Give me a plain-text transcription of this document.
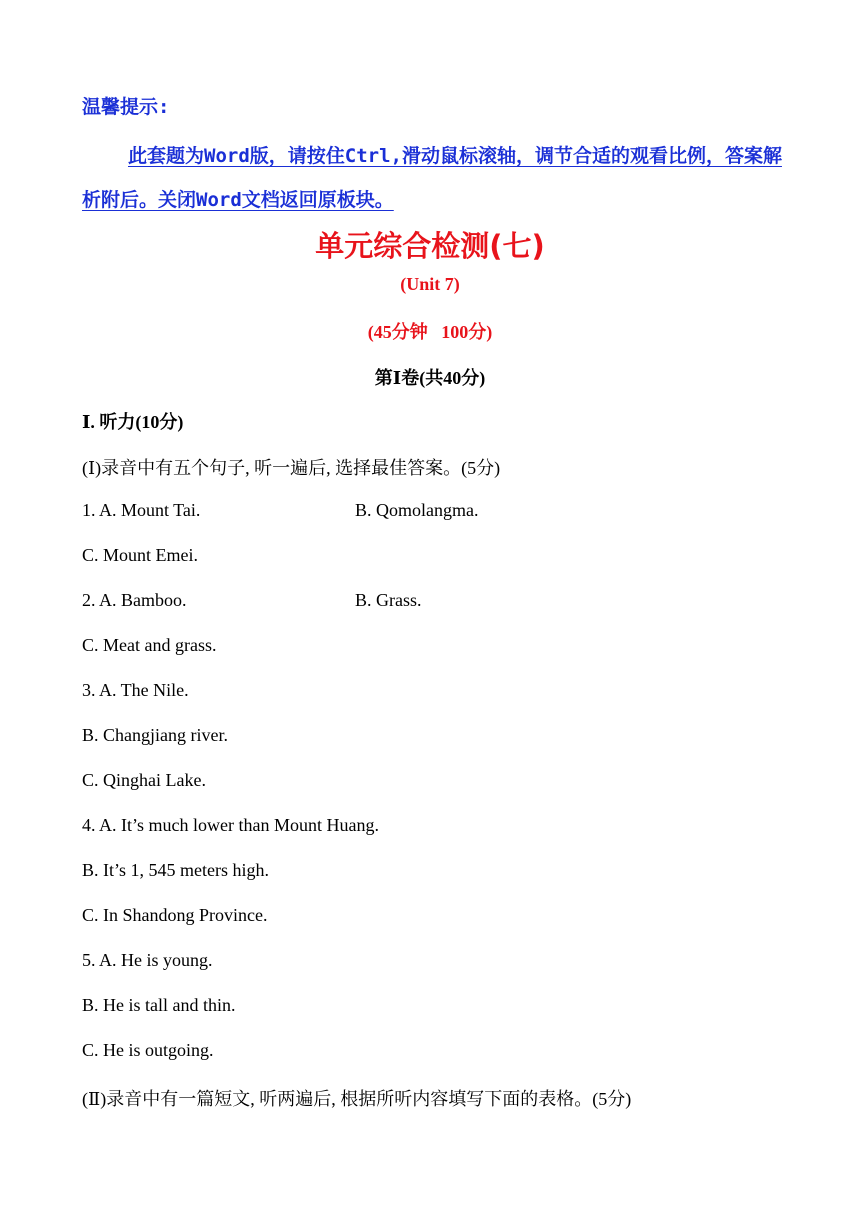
温馨提示:
此套题为Word版，请按住Ctrl,滑动鼠标滚轴，调节合适的观看比例，答案解析附后。关闭Word文档返回原板块。
单元综合检测(七)
(Unit 7)
(45分钟   100分)
第Ⅰ卷(共40分)
Ⅰ. 听力(10分)
(Ⅰ)录音中有五个句子, 听一遍后, 选择最佳答案。(5分)
1. A. Mount Tai.	B. Qomolangma.
C. Mount Emei.
2. A. Bamboo.	B. Grass.
C. Meat and grass.
3. A. The Nile.
B. Changjiang river.
C. Qinghai Lake.
4. A. It’s much lower than Mount Huang.
B. It’s 1, 545 meters high.
C. In Shandong Province.
5. A. He is young.
B. He is tall and thin.
C. He is outgoing.
(Ⅱ)录音中有一篇短文, 听两遍后, 根据所听内容填写下面的表格。(5分)
